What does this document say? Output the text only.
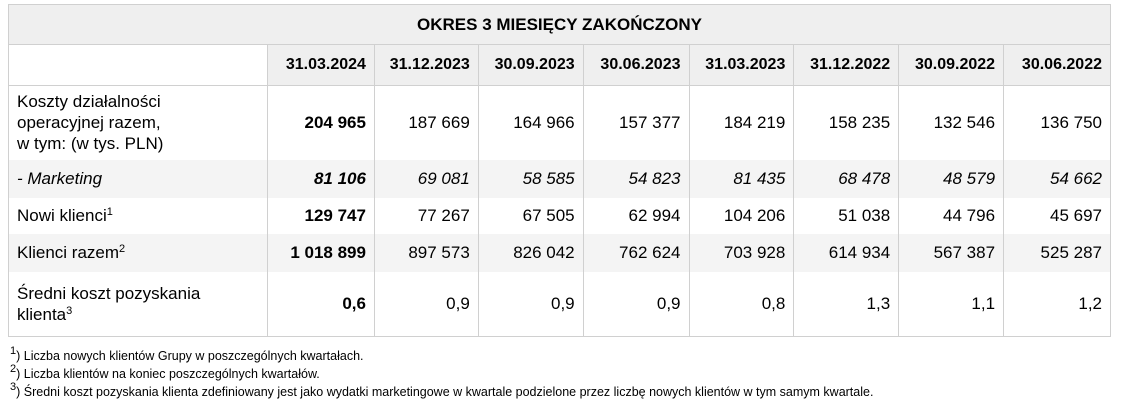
OKRES 3 MIESIĘCY ZAKOŃCZONY								
	31.03.2024	31.12.2023	30.09.2023	30.06.2023	31.03.2023	31.12.2022	30.09.2022	30.06.2022

Koszty działalności
operacyjnej razem,
w tym: (w tys. PLN)	204 965	187 669	164 966	157 377	184 219	158 235	132 546	136 750
- Marketing	81 106	69 081	58 585	54 823	81 435	68 478	48 579	54 662
Nowi klienci$^1$	129 747	77 267	67 505	62 994	104 206	51 038	44 796	45 697
Klienci razem$^2$	1 018 899	897 573	826 042	762 624	703 928	614 934	567 387	525 287

Średni koszt pozyskania
klienta$^3$	0,6	0,9	0,9	0,9	0,8	1,3	1,1	1,2
$^1$) Liczba nowych klientów Grupy w poszczególnych kwartałach.
$^2$) Liczba klientów na koniec poszczególnych kwartałów.
$^3$) Średni koszt pozyskania klienta zdefiniowany jest jako wydatki marketingowe w kwartale podzielone przez liczbę nowych klientów w tym samym kwartale.
